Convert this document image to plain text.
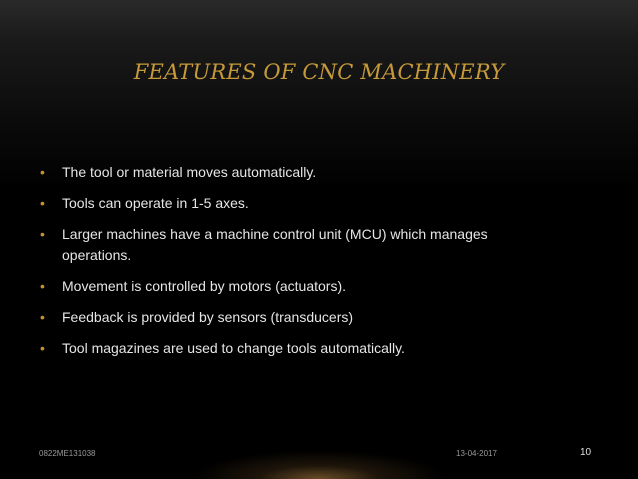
FEATURES OF CNC MACHINERY
• The tool or material moves automatically.
• Tools can operate in 1-5 axes.
• Larger machines have a machine control unit (MCU) which manages operations.
• Movement is controlled by motors (actuators).
• Feedback is provided by sensors (transducers)
• Tool magazines are used to change tools automatically.
0822ME131038	13-04-2017	10
